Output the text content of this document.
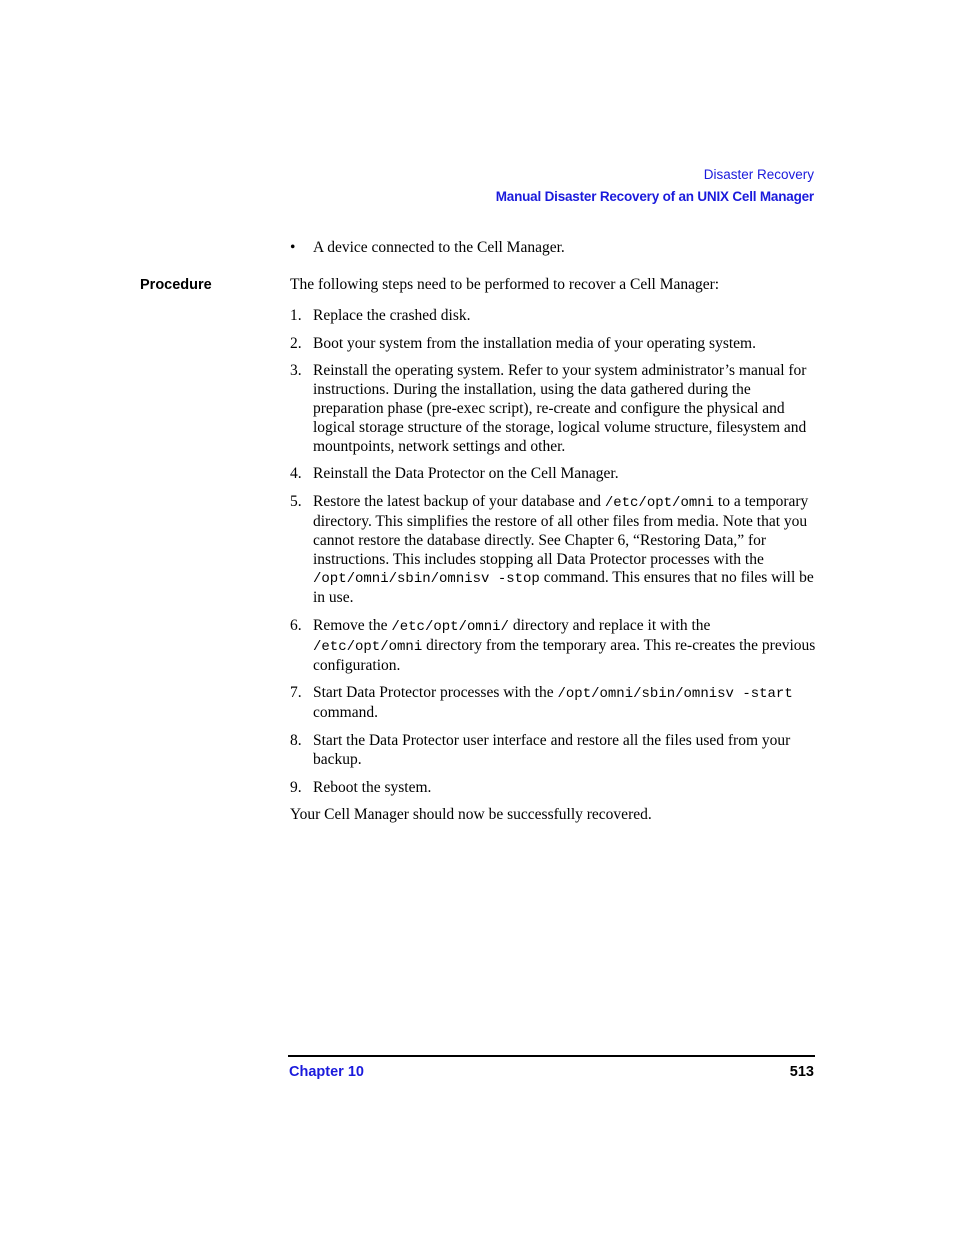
Disaster Recovery
Manual Disaster Recovery of an UNIX Cell Manager
• A device connected to the Cell Manager.
Procedure	The following steps need to be performed to recover a Cell Manager:

1. Replace the crashed disk.
2. Boot your system from the installation media of your operating system.
3. Reinstall the operating system. Refer to your system administrator’s manual for instructions. During the installation, using the data gathered during the preparation phase (pre-exec script), re-create and configure the physical and logical storage structure of the storage, logical volume structure, filesystem and mountpoints, network settings and other.
4. Reinstall the Data Protector on the Cell Manager.
5. Restore the latest backup of your database and /etc/opt/omni to a temporary directory. This simplifies the restore of all other files from media. Note that you cannot restore the database directly. See Chapter 6, “Restoring Data,” for instructions. This includes stopping all Data Protector processes with the /opt/omni/sbin/omnisv -stop command. This ensures that no files will be in use.
6. Remove the /etc/opt/omni/ directory and replace it with the /etc/opt/omni directory from the temporary area. This re-creates the previous configuration.
7. Start Data Protector processes with the /opt/omni/sbin/omnisv -start command.
8. Start the Data Protector user interface and restore all the files used from your backup.
9. Reboot the system.

Your Cell Manager should now be successfully recovered.

Chapter 10	513
